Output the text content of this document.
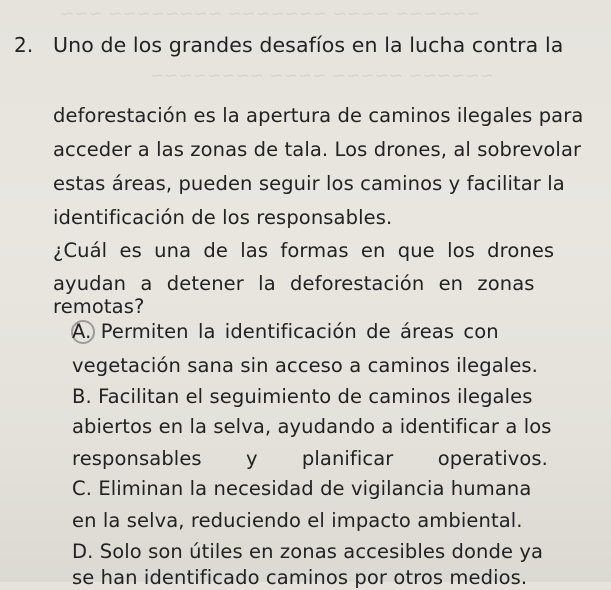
~~~~~~ ~~~~ ~~~~~~~ ~~~~~~~~ ~~~
~~~~~~ ~~~~~ ~~~~ ~~~~~~~~
2. Uno de los grandes desafíos en la lucha contra la
deforestación es la apertura de caminos ilegales para
acceder a las zonas de tala. Los drones, al sobrevolar
estas áreas, pueden seguir los caminos y facilitar la
identificación de los responsables.
¿Cuál es una de las formas en que los drones
ayudan a detener la deforestación en zonas
remotas?
A. Permiten la identificación de áreas con
vegetación sana sin acceso a caminos ilegales.
B. Facilitan el seguimiento de caminos ilegales
abiertos en la selva, ayudando a identificar a los
responsables y planificar operativos.
C. Eliminan la necesidad de vigilancia humana
en la selva, reduciendo el impacto ambiental.
D. Solo son útiles en zonas accesibles donde ya
se han identificado caminos por otros medios.
